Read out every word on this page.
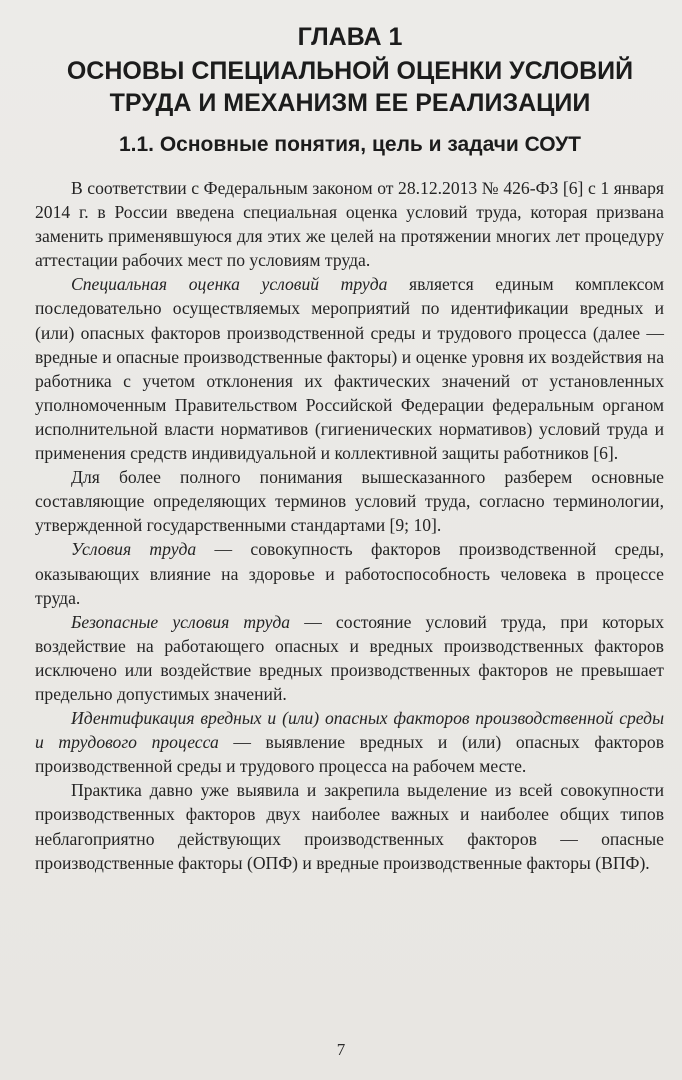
ГЛАВА 1
ОСНОВЫ СПЕЦИАЛЬНОЙ ОЦЕНКИ УСЛОВИЙ
ТРУДА И МЕХАНИЗМ ЕЕ РЕАЛИЗАЦИИ
1.1. Основные понятия, цель и задачи СОУТ

В соответствии с Федеральным законом от 28.12.2013 № 426-ФЗ [6] с 1 января 2014 г. в России введена специальная оценка условий труда, которая призвана заменить применявшуюся для этих же целей на протяжении многих лет процедуру аттестации рабочих мест по условиям труда.

Специальная оценка условий труда является единым комплексом последовательно осуществляемых мероприятий по идентификации вредных и (или) опасных факторов производственной среды и трудового процесса (далее — вредные и опасные производственные факторы) и оценке уровня их воздействия на работника с учетом отклонения их фактических значений от установленных уполномоченным Правительством Российской Федерации федеральным органом исполнительной власти нормативов (гигиенических нормативов) условий труда и применения средств индивидуальной и коллективной защиты работников [6].

Для более полного понимания вышесказанного разберем основные составляющие определяющих терминов условий труда, согласно терминологии, утвержденной государственными стандартами [9; 10].

Условия труда — совокупность факторов производственной среды, оказывающих влияние на здоровье и работоспособность человека в процессе труда.

Безопасные условия труда — состояние условий труда, при которых воздействие на работающего опасных и вредных производственных факторов исключено или воздействие вредных производственных факторов не превышает предельно допустимых значений.

Идентификация вредных и (или) опасных факторов производственной среды и трудового процесса — выявление вредных и (или) опасных факторов производственной среды и трудового процесса на рабочем месте.

Практика давно уже выявила и закрепила выделение из всей совокупности производственных факторов двух наиболее важных и наиболее общих типов неблагоприятно действующих производственных факторов — опасные производственные факторы (ОПФ) и вредные производственные факторы (ВПФ).

7
